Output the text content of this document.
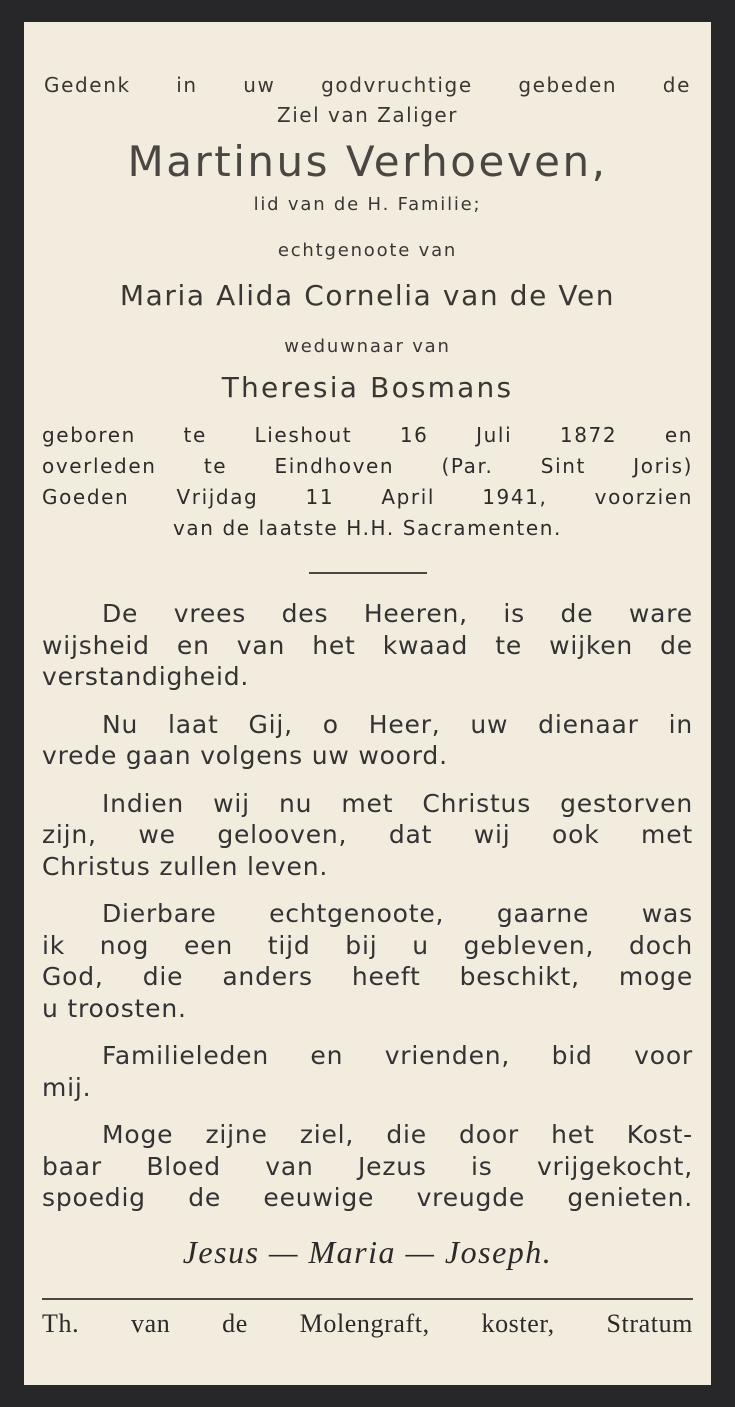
Gedenk in uw godvruchtige gebeden de
Ziel van Zaliger
Martinus Verhoeven,
lid van de H. Familie;
echtgenoote van
Maria Alida Cornelia van de Ven
weduwnaar van
Theresia Bosmans
geboren te Lieshout 16 Juli 1872 en
overleden te Eindhoven (Par. Sint Joris)
Goeden Vrijdag 11 April 1941, voorzien
van de laatste H.H. Sacramenten.
De vrees des Heeren, is de ware
wijsheid en van het kwaad te wijken de
verstandigheid.
Nu laat Gij, o Heer, uw dienaar in
vrede gaan volgens uw woord.
Indien wij nu met Christus gestorven
zijn, we gelooven, dat wij ook met
Christus zullen leven.
Dierbare echtgenoote, gaarne was
ik nog een tijd bij u gebleven, doch
God, die anders heeft beschikt, moge
u troosten.
Familieleden en vrienden, bid voor
mij.
Moge zijne ziel, die door het Kost-
baar Bloed van Jezus is vrijgekocht,
spoedig de eeuwige vreugde genieten.
Jesus — Maria — Joseph.
Th. van de Molengraft, koster, Stratum
